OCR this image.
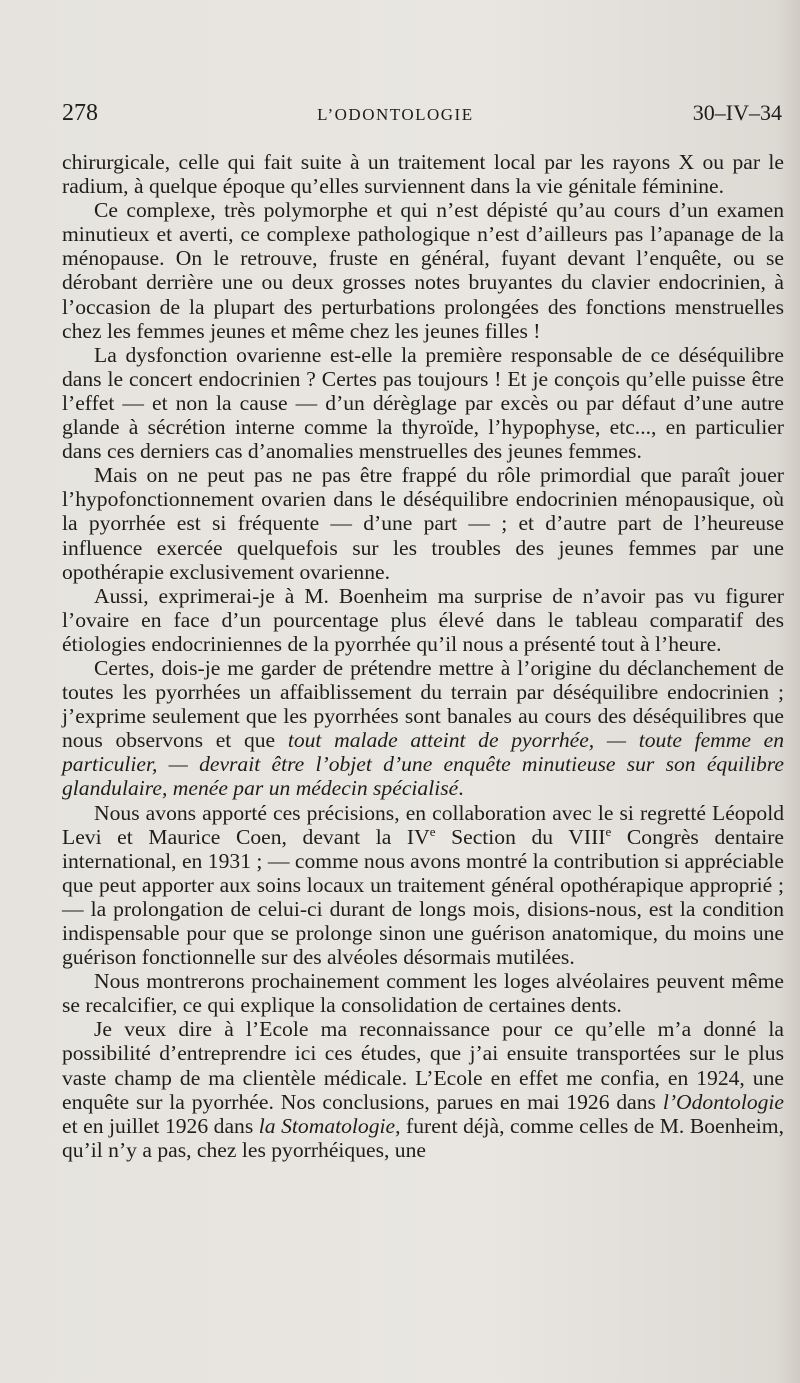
278	L’ODONTOLOGIE	30–IV–34

chirurgicale, celle qui fait suite à un traitement local par les rayons X ou par le radium, à quelque époque qu’elles surviennent dans la vie génitale féminine.

Ce complexe, très polymorphe et qui n’est dépisté qu’au cours d’un examen minutieux et averti, ce complexe pathologique n’est d’ailleurs pas l’apanage de la ménopause. On le retrouve, fruste en général, fuyant devant l’enquête, ou se dérobant derrière une ou deux grosses notes bruyantes du clavier endocrinien, à l’occasion de la plupart des perturbations prolongées des fonctions menstruelles chez les femmes jeunes et même chez les jeunes filles !

La dysfonction ovarienne est-elle la première responsable de ce déséquilibre dans le concert endocrinien ? Certes pas toujours ! Et je conçois qu’elle puisse être l’effet — et non la cause — d’un dérèglage par excès ou par défaut d’une autre glande à sécrétion interne comme la thyroïde, l’hypophyse, etc..., en particulier dans ces derniers cas d’anomalies menstruelles des jeunes femmes.

Mais on ne peut pas ne pas être frappé du rôle primordial que paraît jouer l’hypofonctionnement ovarien dans le déséquilibre endocrinien ménopausique, où la pyorrhée est si fréquente — d’une part — ; et d’autre part de l’heureuse influence exercée quelquefois sur les troubles des jeunes femmes par une opothérapie exclusivement ovarienne.

Aussi, exprimerai-je à M. Boenheim ma surprise de n’avoir pas vu figurer l’ovaire en face d’un pourcentage plus élevé dans le tableau comparatif des étiologies endocriniennes de la pyorrhée qu’il nous a présenté tout à l’heure.

Certes, dois-je me garder de prétendre mettre à l’origine du déclanchement de toutes les pyorrhées un affaiblissement du terrain par déséquilibre endocrinien ; j’exprime seulement que les pyorrhées sont banales au cours des déséquilibres que nous observons et que tout malade atteint de pyorrhée, — toute femme en particulier, — devrait être l’objet d’une enquête minutieuse sur son équilibre glandulaire, menée par un médecin spécialisé.

Nous avons apporté ces précisions, en collaboration avec le si regretté Léopold Levi et Maurice Coen, devant la IVe Section du VIIIe Congrès dentaire international, en 1931 ; — comme nous avons montré la contribution si appréciable que peut apporter aux soins locaux un traitement général opothérapique approprié ; — la prolongation de celui-ci durant de longs mois, disions-nous, est la condition indispensable pour que se prolonge sinon une guérison anatomique, du moins une guérison fonctionnelle sur des alvéoles désormais mutilées.

Nous montrerons prochainement comment les loges alvéolaires peuvent même se recalcifier, ce qui explique la consolidation de certaines dents.

Je veux dire à l’Ecole ma reconnaissance pour ce qu’elle m’a donné la possibilité d’entreprendre ici ces études, que j’ai ensuite transportées sur le plus vaste champ de ma clientèle médicale. L’Ecole en effet me confia, en 1924, une enquête sur la pyorrhée. Nos conclusions, parues en mai 1926 dans l’Odontologie et en juillet 1926 dans la Stomatologie, furent déjà, comme celles de M. Boenheim, qu’il n’y a pas, chez les pyorrhéiques, une
